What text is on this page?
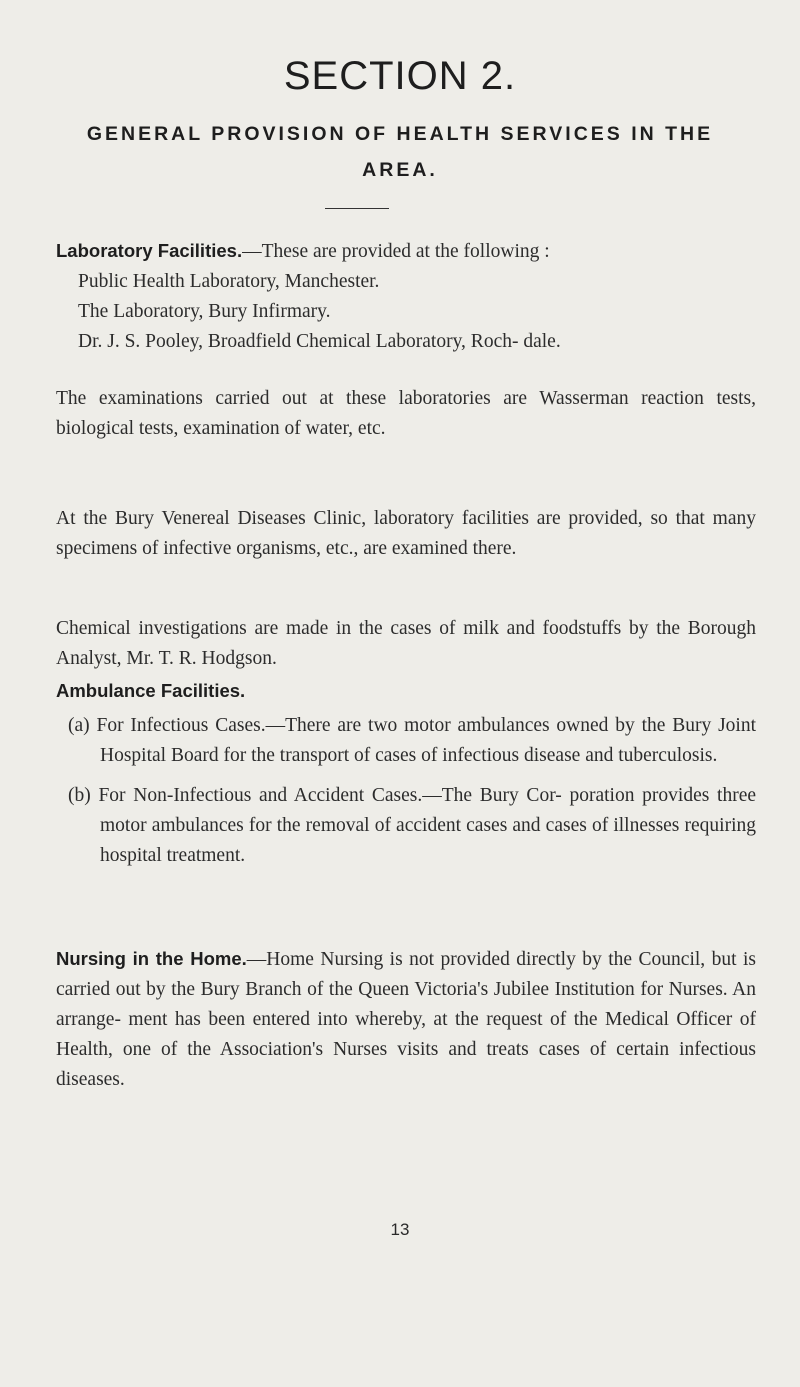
SECTION 2.
GENERAL PROVISION OF HEALTH SERVICES IN THE AREA.

Laboratory Facilities.—These are provided at the following :

Public Health Laboratory, Manchester.
The Laboratory, Bury Infirmary.
Dr. J. S. Pooley, Broadfield Chemical Laboratory, Roch- dale.

The examinations carried out at these laboratories are Wasserman reaction tests, biological tests, examination of water, etc.

At the Bury Venereal Diseases Clinic, laboratory facilities are provided, so that many specimens of infective organisms, etc., are examined there.

Chemical investigations are made in the cases of milk and foodstuffs by the Borough Analyst, Mr. T. R. Hodgson.

Ambulance Facilities.

(a) For Infectious Cases.—There are two motor ambulances owned by the Bury Joint Hospital Board for the transport of cases of infectious disease and tuberculosis.
(b) For Non-Infectious and Accident Cases.—The Bury Cor- poration provides three motor ambulances for the removal of accident cases and cases of illnesses requiring hospital treatment.

Nursing in the Home.—Home Nursing is not provided directly by the Council, but is carried out by the Bury Branch of the Queen Victoria's Jubilee Institution for Nurses. An arrange- ment has been entered into whereby, at the request of the Medical Officer of Health, one of the Association's Nurses visits and treats cases of certain infectious diseases.

13
